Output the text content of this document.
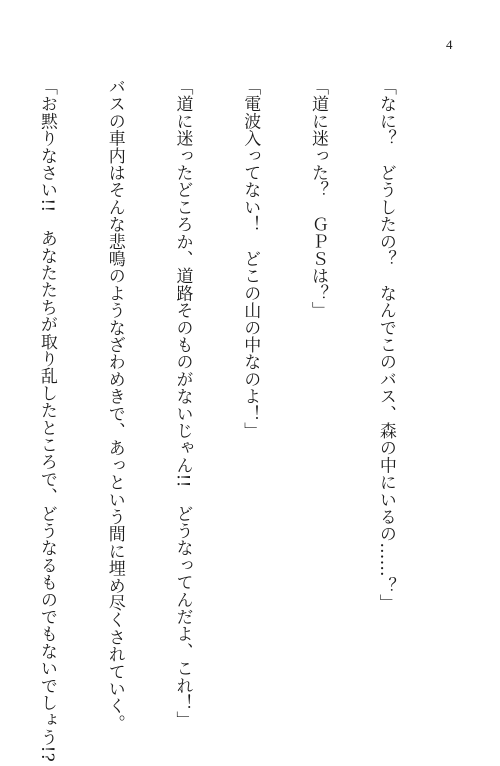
4

「なに？　どうしたの？　なんでこのバス、森の中にいるの……？」

「道に迷った？　ＧＰＳは？」

「電波入ってない！　どこの山の中なのよ！」

「道に迷ったどころか、道路そのものがないじゃん!!　どうなってんだよ、これ！」

バスの車内はそんな悲鳴のようなざわめきで、あっという間に埋め尽くされていく。

「お黙りなさい!!　あなたたちが取り乱したところで、どうなるものでもないでしょう!?
